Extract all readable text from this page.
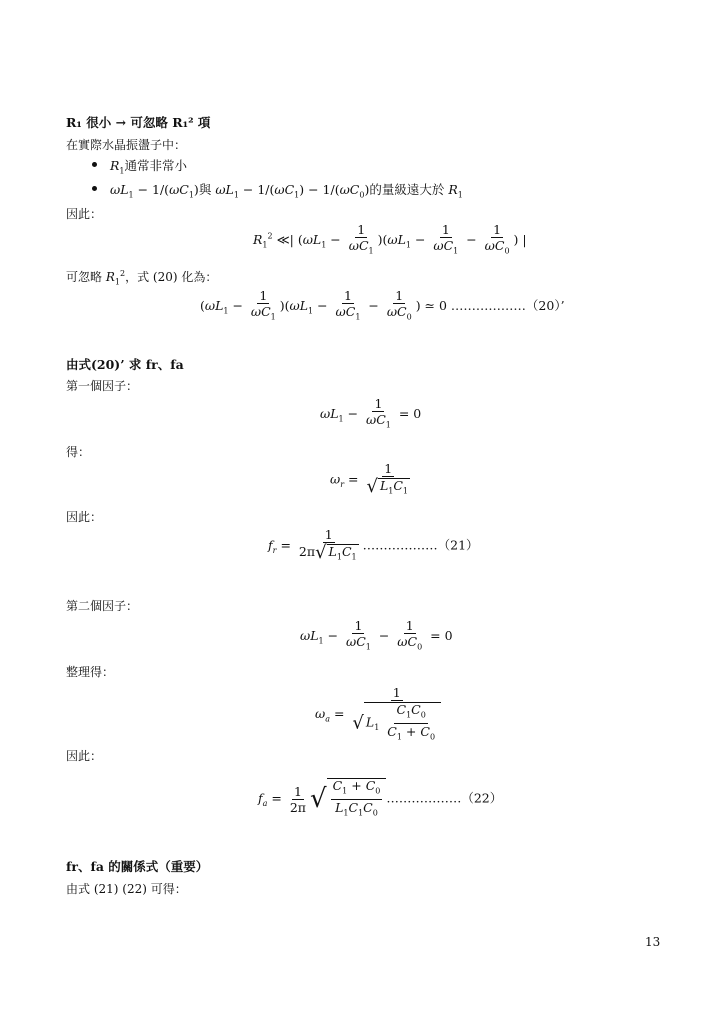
R₁ 很小 → 可忽略 R₁² 項
在實際水晶振盪子中：
$R_1$通常非常小
$\omega L_1 - 1/(\omega C_1)$與 $\omega L_1 - 1/(\omega C_1) - 1/(\omega C_0)$的量級遠大於 $R_1$
因此：
$R_1^2$ ≪| $(\omega L_1 - \frac{1}{\omega C_1} )(\omega L_1 - \frac{1}{\omega C_1} - \frac{1}{\omega C_0}$ ) |
可忽略 $R_1^2$，式 (20) 化為：
$(\omega L_1 - \frac{1}{\omega C_1} )(\omega L_1 - \frac{1}{\omega C_1} - \frac{1}{\omega C_0}$ ) ≃ 0 ………………（20）’
由式(20)’ 求 fr、fa
第一個因子：
$\omega L_1 - \frac{1}{\omega C_1} = 0$
得：
$\omega_r = \frac{1}{√ L_1C_1}$
因此：
$f_r = \frac{1}{2\pi√ L_1C_1}$ ………………（21）
第二個因子：
$\omega L_1 - \frac{1}{\omega C_1} - \frac{1}{\omega C_0} = 0$
整理得：
$\omega_a = \frac{1}{√ L_1 \frac{C_1C_0}{C_1 + C_0}}$
因此：
$f_a = \frac{1}{2\pi}$ √ $\frac{C_1 + C_0}{L_1C_1C_0}$ ………………（22）
fr、fa 的關係式（重要）
由式 (21) (22) 可得：
13
